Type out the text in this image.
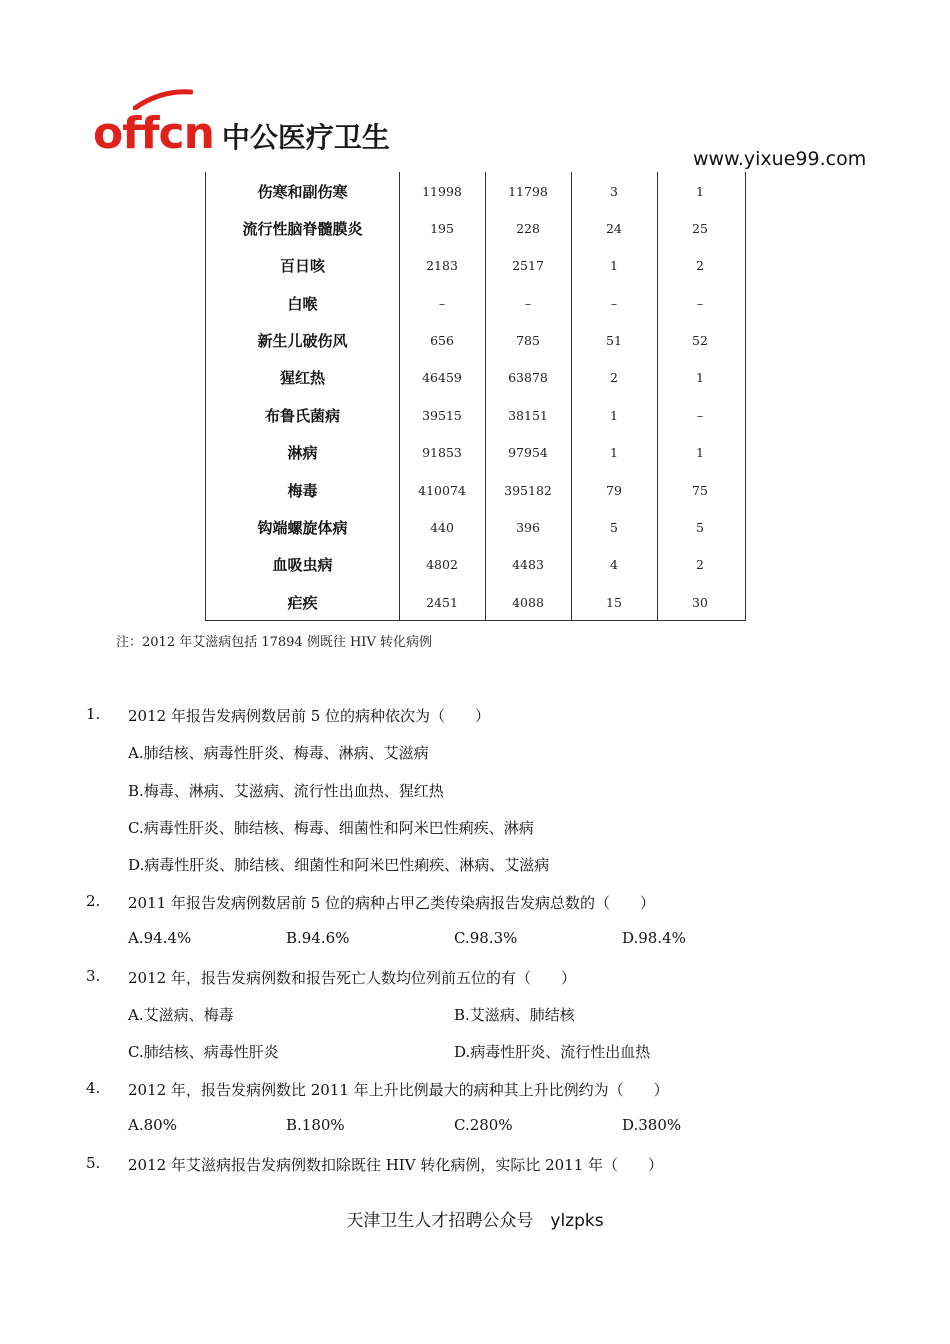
offcn 中公医疗卫生
www.yixue99.com
伤寒和副伤寒	11998	11798	3	1
流行性脑脊髓膜炎	195	228	24	25
百日咳	2183	2517	1	2
白喉	–	–	–	–
新生儿破伤风	656	785	51	52
猩红热	46459	63878	2	1
布鲁氏菌病	39515	38151	1	–
淋病	91853	97954	1	1
梅毒	410074	395182	79	75
钩端螺旋体病	440	396	5	5
血吸虫病	4802	4483	4	2
疟疾	2451	4088	15	30
注：2012 年艾滋病包括 17894 例既往 HIV 转化病例
1. 2012 年报告发病例数居前 5 位的病种依次为（　　）
A.肺结核、病毒性肝炎、梅毒、淋病、艾滋病
B.梅毒、淋病、艾滋病、流行性出血热、猩红热
C.病毒性肝炎、肺结核、梅毒、细菌性和阿米巴性痢疾、淋病
D.病毒性肝炎、肺结核、细菌性和阿米巴性痢疾、淋病、艾滋病
2. 2011 年报告发病例数居前 5 位的病种占甲乙类传染病报告发病总数的（　　）
A.94.4%	B.94.6%	C.98.3%	D.98.4%
3. 2012 年，报告发病例数和报告死亡人数均位列前五位的有（　　）
A.艾滋病、梅毒	B.艾滋病、肺结核
C.肺结核、病毒性肝炎	D.病毒性肝炎、流行性出血热
4. 2012 年，报告发病例数比 2011 年上升比例最大的病种其上升比例约为（　　）
A.80%	B.180%	C.280%	D.380%
5. 2012 年艾滋病报告发病例数扣除既往 HIV 转化病例，实际比 2011 年（　　）
天津卫生人才招聘公众号　ylzpks
